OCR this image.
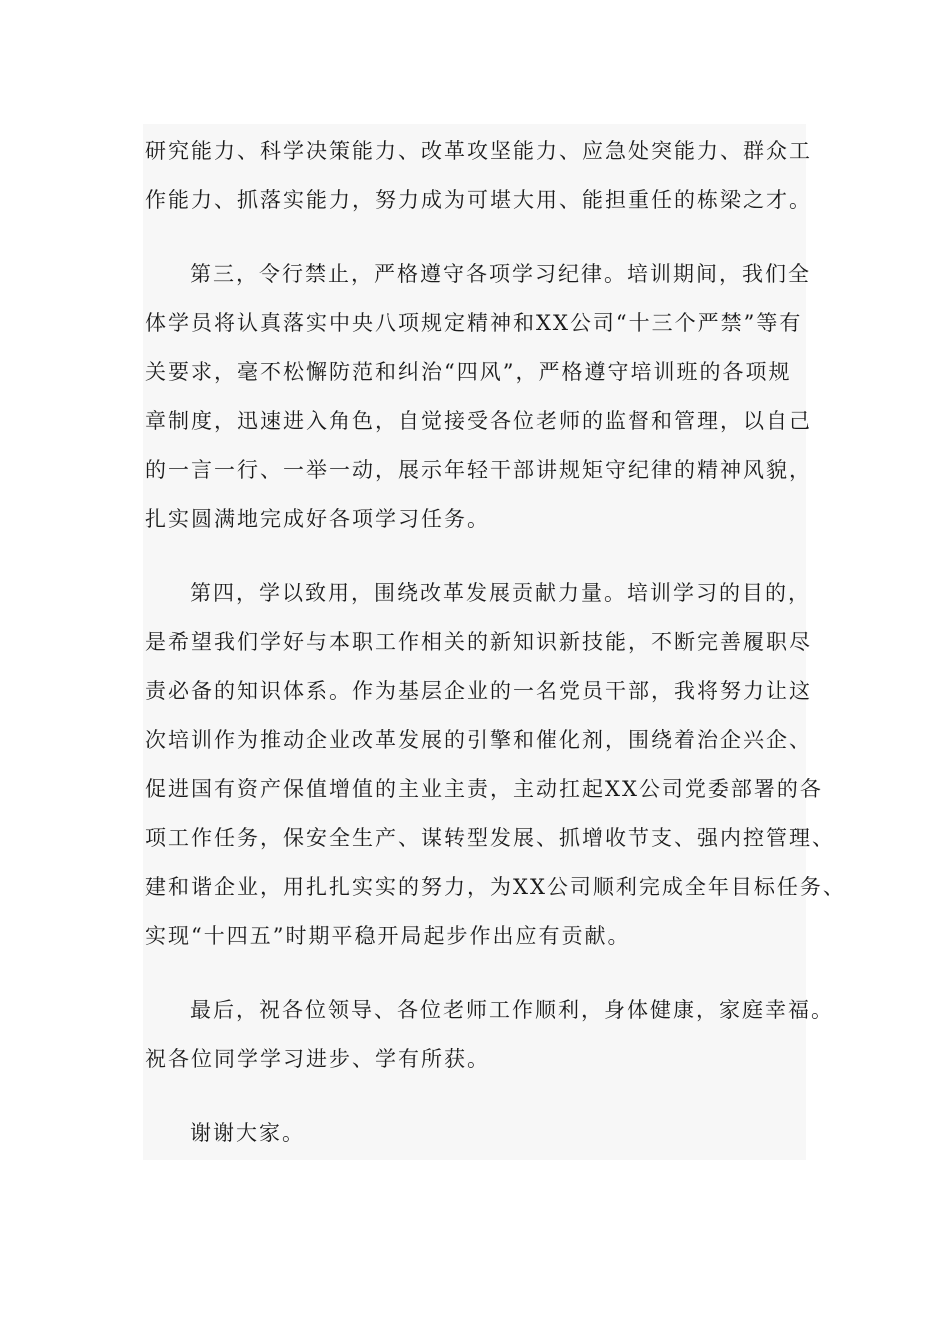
研究能力、科学决策能力、改革攻坚能力、应急处突能力、群众工
作能力、抓落实能力，努力成为可堪大用、能担重任的栋梁之才。
第三，令行禁止，严格遵守各项学习纪律。培训期间，我们全
体学员将认真落实中央八项规定精神和XX公司“十三个严禁”等有
关要求，毫不松懈防范和纠治“四风”，严格遵守培训班的各项规
章制度，迅速进入角色，自觉接受各位老师的监督和管理，以自己
的一言一行、一举一动，展示年轻干部讲规矩守纪律的精神风貌，
扎实圆满地完成好各项学习任务。
第四，学以致用，围绕改革发展贡献力量。培训学习的目的，
是希望我们学好与本职工作相关的新知识新技能，不断完善履职尽
责必备的知识体系。作为基层企业的一名党员干部，我将努力让这
次培训作为推动企业改革发展的引擎和催化剂，围绕着治企兴企、
促进国有资产保值增值的主业主责，主动扛起XX公司党委部署的各
项工作任务，保安全生产、谋转型发展、抓增收节支、强内控管理、
建和谐企业，用扎扎实实的努力，为XX公司顺利完成全年目标任务、
实现“十四五”时期平稳开局起步作出应有贡献。
最后，祝各位领导、各位老师工作顺利，身体健康，家庭幸福。
祝各位同学学习进步、学有所获。
谢谢大家。
